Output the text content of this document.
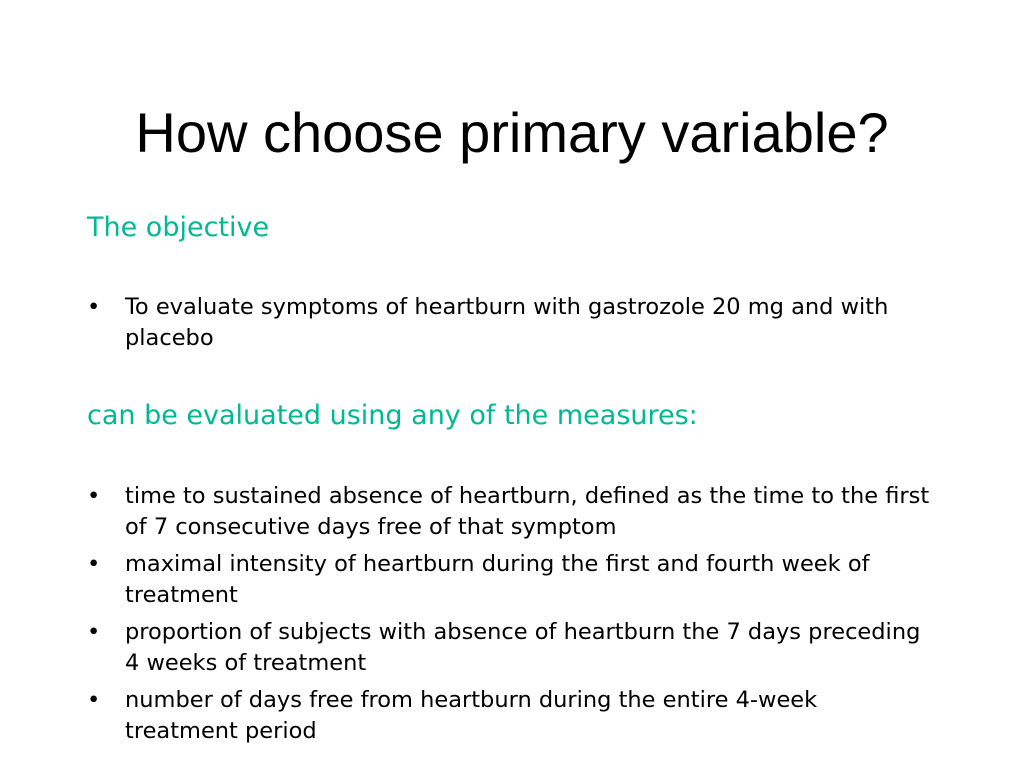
How choose primary variable?
The objective
•	To evaluate symptoms of heartburn with gastrozole 20 mg and with placebo
can be evaluated using any of the measures:
•	time to sustained absence of heartburn, defined as the time to the first of 7 consecutive days free of that symptom
•	maximal intensity of heartburn during the first and fourth week of treatment
•	proportion of subjects with absence of heartburn the 7 days preceding 4 weeks of treatment
•	number of days free from heartburn during the entire 4-week treatment period
